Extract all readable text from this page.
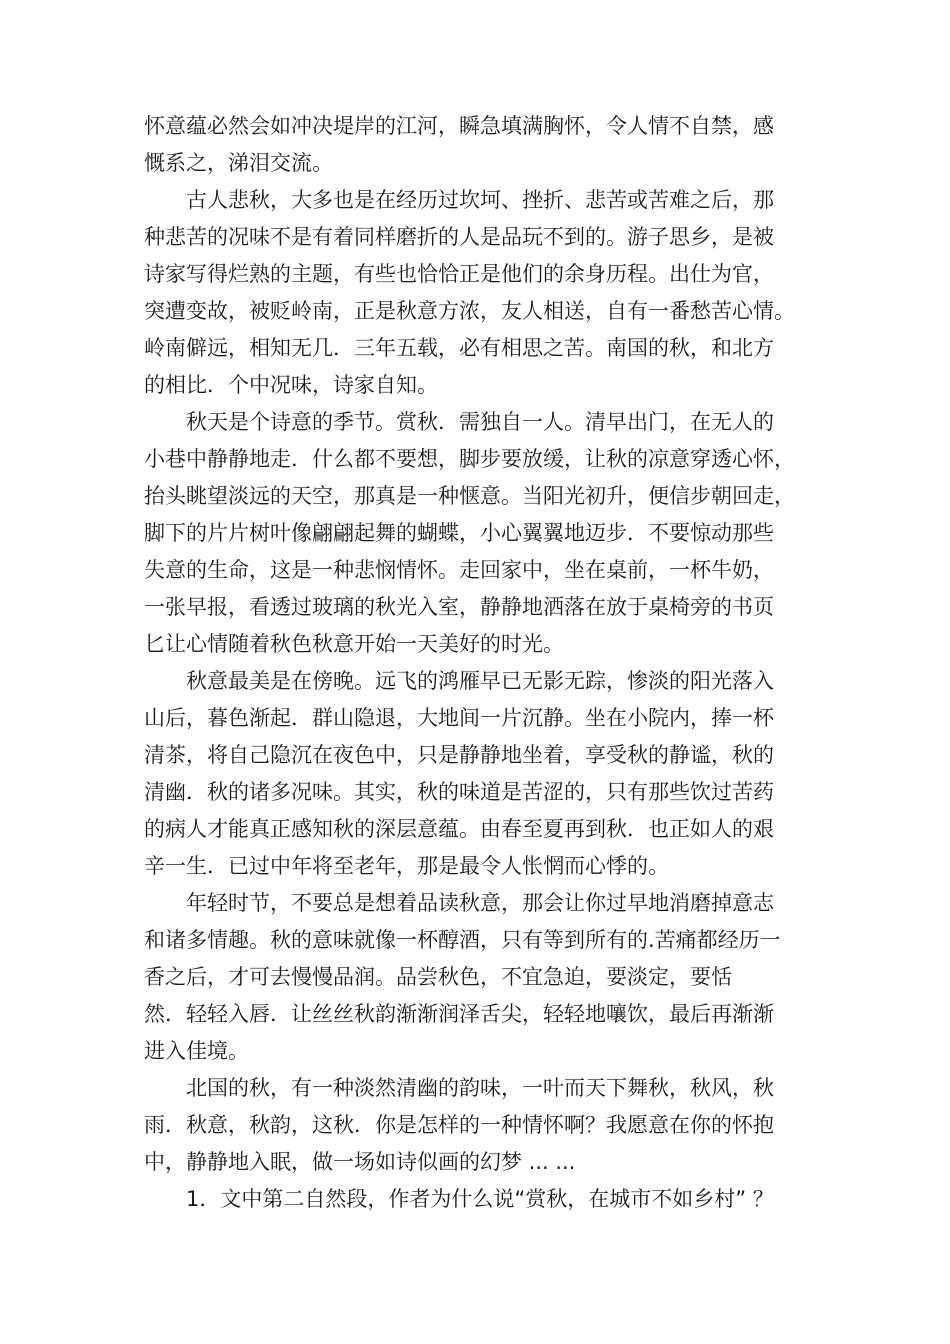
怀意蕴必然会如冲决堤岸的江河，瞬急填满胸怀，令人情不自禁，感
慨系之，涕泪交流。
古人悲秋，大多也是在经历过坎坷、挫折、悲苦或苦难之后，那
种悲苦的况味不是有着同样磨折的人是品玩不到的。游子思乡，是被
诗家写得烂熟的主题，有些也恰恰正是他们的余身历程。出仕为官，
突遭变故，被贬岭南，正是秋意方浓，友人相送，自有一番愁苦心情。
岭南僻远，相知无几．三年五载，必有相思之苦。南国的秋，和北方
的相比．个中况味，诗家自知。
秋天是个诗意的季节。赏秋．需独自一人。清早出门，在无人的
小巷中静静地走．什么都不要想，脚步要放缓，让秋的凉意穿透心怀，
抬头眺望淡远的天空，那真是一种惬意。当阳光初升，便信步朝回走，
脚下的片片树叶像翩翩起舞的蝴蝶，小心翼翼地迈步．不要惊动那些
失意的生命，这是一种悲悯情怀。走回家中，坐在桌前，一杯牛奶，
一张早报，看透过玻璃的秋光入室，静静地洒落在放于桌椅旁的书页
匕让心情随着秋色秋意开始一天美好的时光。
秋意最美是在傍晚。远飞的鸿雁早已无影无踪，惨淡的阳光落入
山后，暮色渐起．群山隐退，大地间一片沉静。坐在小院内，捧一杯
清茶，将自己隐沉在夜色中，只是静静地坐着，享受秋的静谧，秋的
清幽．秋的诸多况味。其实，秋的味道是苦涩的，只有那些饮过苦药
的病人才能真正感知秋的深层意蕴。由春至夏再到秋．也正如人的艰
辛一生．已过中年将至老年，那是最令人怅惘而心悸的。
年轻时节，不要总是想着品读秋意，那会让你过早地消磨掉意志
和诸多情趣。秋的意味就像一杯醇酒，只有等到所有的.苦痛都经历一
香之后，才可去慢慢品润。品尝秋色，不宜急迫，要淡定，要恬
然．轻轻入唇．让丝丝秋韵渐渐润泽舌尖，轻轻地嚷饮，最后再渐渐
进入佳境。
北国的秋，有一种淡然清幽的韵味，一叶而天下舞秋，秋风，秋
雨．秋意，秋韵，这秋．你是怎样的一种情怀啊？我愿意在你的怀抱
中，静静地入眠，做一场如诗似画的幻梦 ... ...
1．文中第二自然段，作者为什么说“赏秋，在城市不如乡村” ？
